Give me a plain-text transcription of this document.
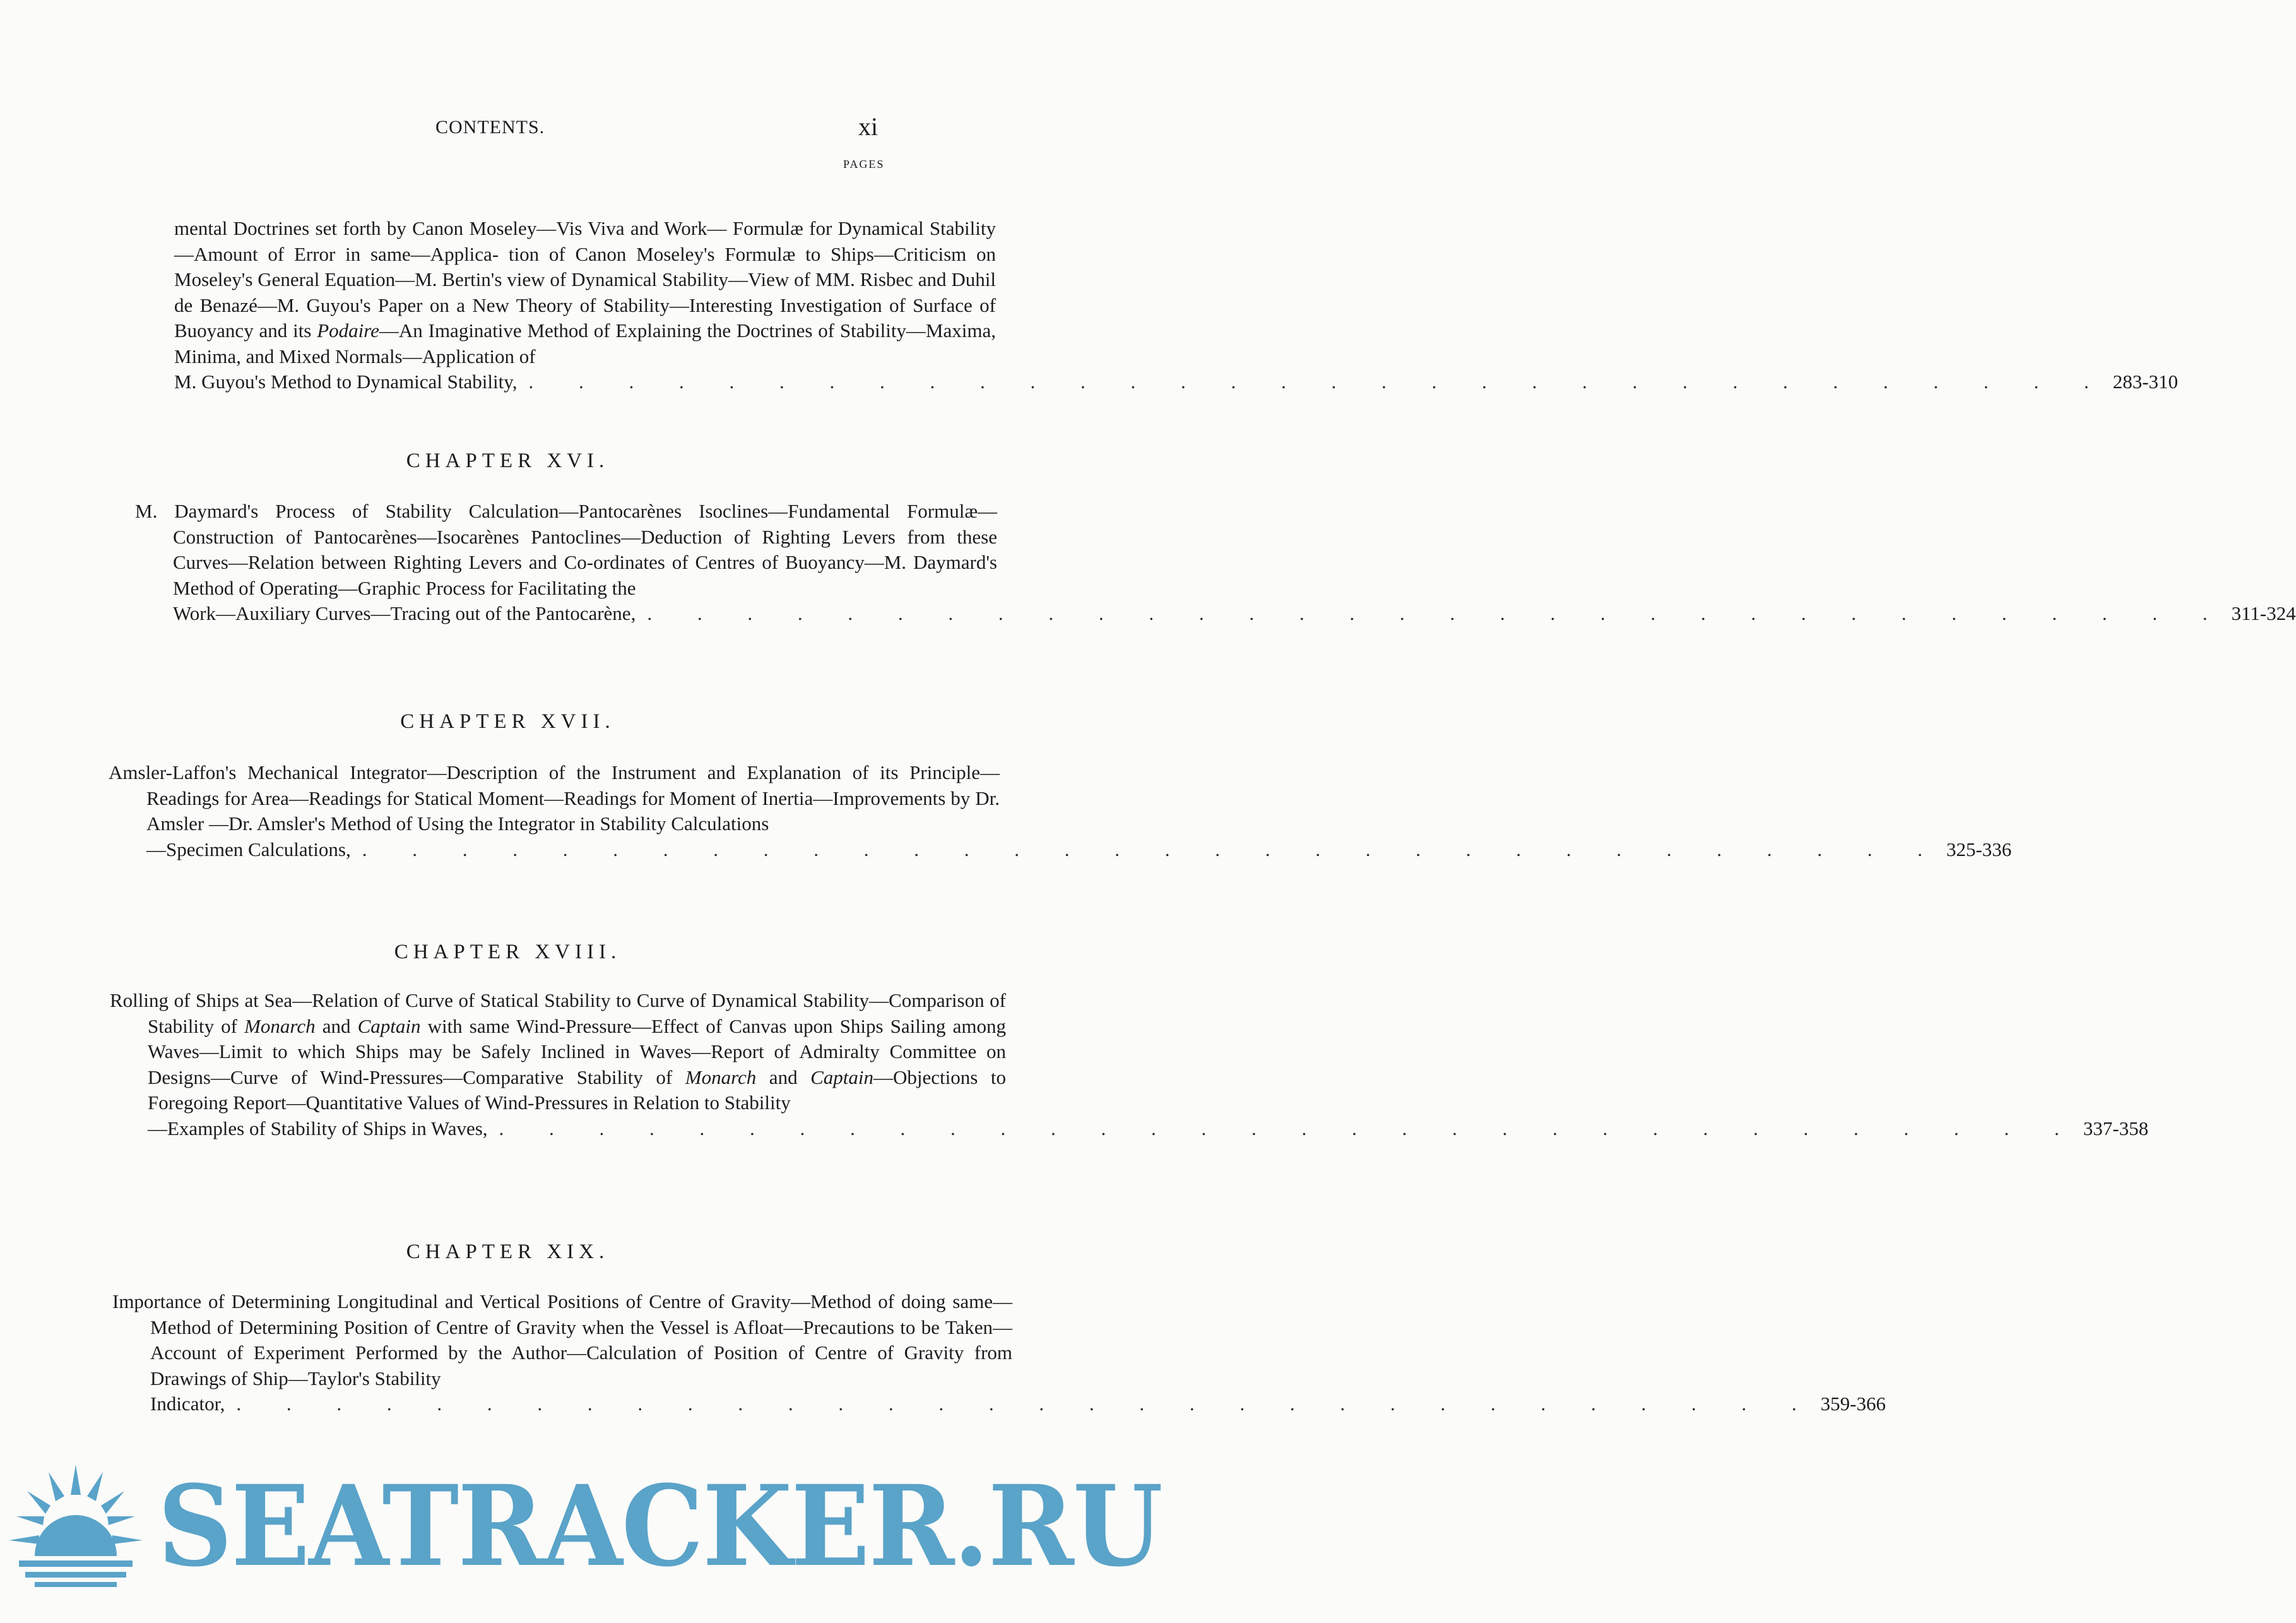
CONTENTS.	xi
PAGES

mental Doctrines set forth by Canon Moseley—Vis Viva and Work— Formulæ for Dynamical Stability—Amount of Error in same—Applica- tion of Canon Moseley's Formulæ to Ships—Criticism on Moseley's General Equation—M. Bertin's view of Dynamical Stability—View of MM. Risbec and Duhil de Benazé—M. Guyou's Paper on a New Theory of Stability—Interesting Investigation of Surface of Buoyancy and its Podaire—An Imaginative Method of Explaining the Doctrines of Stability—Maxima, Minima, and Mixed Normals—Application of

M. Guyou's Method to Dynamical Stability, . . . . . . . . . . . . . . . . . . . . . . . . . . . . . . . . 283-310
CHAPTER XVI.

M. Daymard's Process of Stability Calculation—Pantocarènes Isoclines—Fundamental Formulæ—Construction of Pantocarènes—Isocarènes Pantoclines—Deduction of Righting Levers from these Curves—Relation between Righting Levers and Co-ordinates of Centres of Buoyancy—M. Daymard's Method of Operating—Graphic Process for Facilitating the

Work—Auxiliary Curves—Tracing out of the Pantocarène, . . . . . . . . . . . . . . . . . . . . . . . . . . . . . . . . 311-324
CHAPTER XVII.

Amsler-Laffon's Mechanical Integrator—Description of the Instrument and Explanation of its Principle—Readings for Area—Readings for Statical Moment—Readings for Moment of Inertia—Improvements by Dr. Amsler —Dr. Amsler's Method of Using the Integrator in Stability Calculations

—Specimen Calculations, . . . . . . . . . . . . . . . . . . . . . . . . . . . . . . . . 325-336
CHAPTER XVIII.

Rolling of Ships at Sea—Relation of Curve of Statical Stability to Curve of Dynamical Stability—Comparison of Stability of Monarch and Captain with same Wind-Pressure—Effect of Canvas upon Ships Sailing among Waves—Limit to which Ships may be Safely Inclined in Waves—Report of Admiralty Committee on Designs—Curve of Wind-Pressures—Comparative Stability of Monarch and Captain—Objections to Foregoing Report—Quantitative Values of Wind-Pressures in Relation to Stability

—Examples of Stability of Ships in Waves, . . . . . . . . . . . . . . . . . . . . . . . . . . . . . . . . 337-358
CHAPTER XIX.

Importance of Determining Longitudinal and Vertical Positions of Centre of Gravity—Method of doing same—Method of Determining Position of Centre of Gravity when the Vessel is Afloat—Precautions to be Taken—Account of Experiment Performed by the Author—Calculation of Position of Centre of Gravity from Drawings of Ship—Taylor's Stability

Indicator, . . . . . . . . . . . . . . . . . . . . . . . . . . . . . . . . 359-366
SEATRACKER.RU
